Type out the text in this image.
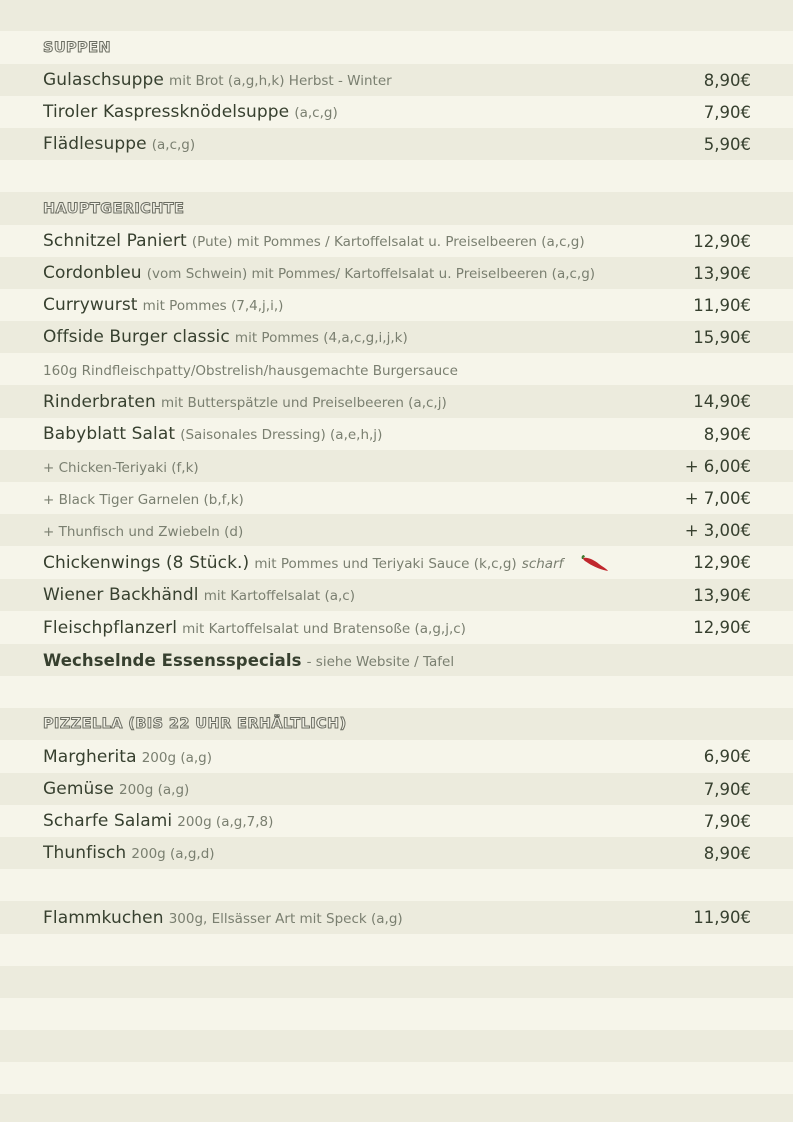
SUPPEN
Gulaschsuppe mit Brot (a,g,h,k) Herbst - Winter	8,90€
Tiroler Kaspressknödelsuppe (a,c,g)	7,90€
Flädlesuppe (a,c,g)	5,90€
HAUPTGERICHTE
Schnitzel Paniert (Pute) mit Pommes / Kartoffelsalat u. Preiselbeeren (a,c,g)	12,90€
Cordonbleu (vom Schwein) mit Pommes/ Kartoffelsalat u. Preiselbeeren (a,c,g)	13,90€
Currywurst mit Pommes (7,4,j,i,)	11,90€
Offside Burger classic mit Pommes (4,a,c,g,i,j,k)	15,90€
160g Rindfleischpatty/Obstrelish/hausgemachte Burgersauce
Rinderbraten mit Butterspätzle und Preiselbeeren (a,c,j)	14,90€
Babyblatt Salat (Saisonales Dressing) (a,e,h,j)	8,90€
+ Chicken-Teriyaki (f,k)	+ 6,00€
+ Black Tiger Garnelen (b,f,k)	+ 7,00€
+ Thunfisch und Zwiebeln (d)	+ 3,00€
Chickenwings (8 Stück.) mit Pommes und Teriyaki Sauce (k,c,g) scharf	12,90€
Wiener Backhändl mit Kartoffelsalat (a,c)	13,90€
Fleischpflanzerl mit Kartoffelsalat und Bratensoße (a,g,j,c)	12,90€
Wechselnde Essensspecials - siehe Website / Tafel
PIZZELLA (BIS 22 UHR ERHÄLTLICH)
Margherita 200g (a,g)	6,90€
Gemüse 200g (a,g)	7,90€
Scharfe Salami 200g (a,g,7,8)	7,90€
Thunfisch 200g (a,g,d)	8,90€
Flammkuchen 300g, Ellsässer Art mit Speck (a,g)	11,90€
